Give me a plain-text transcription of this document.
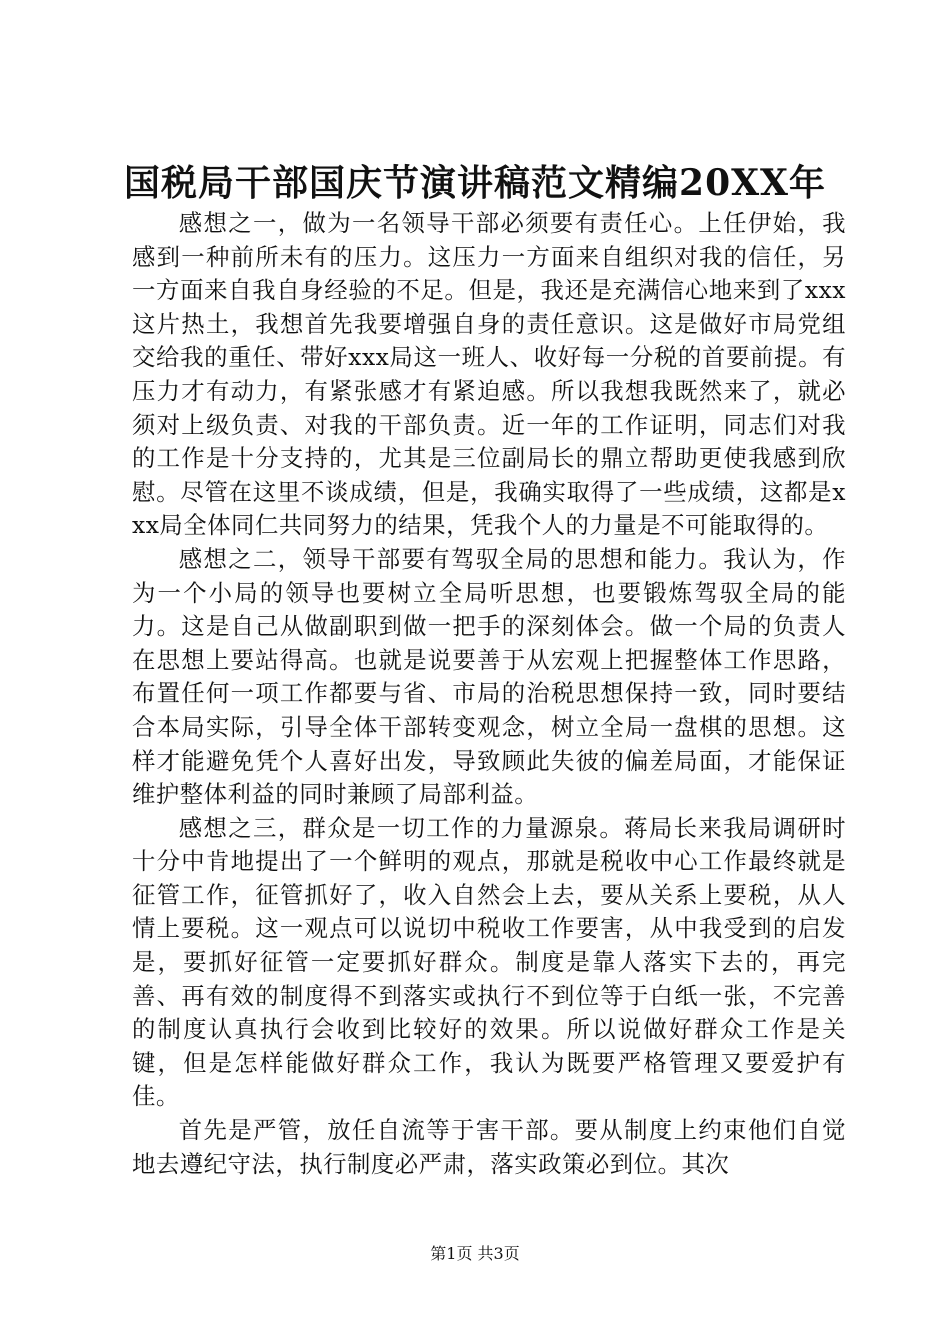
国税局干部国庆节演讲稿范文精编20XX年

感想之一，做为一名领导干部必须要有责任心。上任伊始，我感到一种前所未有的压力。这压力一方面来自组织对我的信任，另一方面来自我自身经验的不足。但是，我还是充满信心地来到了xxx这片热土，我想首先我要增强自身的责任意识。这是做好市局党组交给我的重任、带好xxx局这一班人、收好每一分税的首要前提。有压力才有动力，有紧张感才有紧迫感。所以我想我既然来了，就必须对上级负责、对我的干部负责。近一年的工作证明，同志们对我的工作是十分支持的，尤其是三位副局长的鼎立帮助更使我感到欣慰。尽管在这里不谈成绩，但是，我确实取得了一些成绩，这都是xxx局全体同仁共同努力的结果，凭我个人的力量是不可能取得的。

感想之二，领导干部要有驾驭全局的思想和能力。我认为，作为一个小局的领导也要树立全局听思想，也要锻炼驾驭全局的能力。这是自己从做副职到做一把手的深刻体会。做一个局的负责人在思想上要站得高。也就是说要善于从宏观上把握整体工作思路，布置任何一项工作都要与省、市局的治税思想保持一致，同时要结合本局实际，引导全体干部转变观念，树立全局一盘棋的思想。这样才能避免凭个人喜好出发，导致顾此失彼的偏差局面，才能保证维护整体利益的同时兼顾了局部利益。

感想之三，群众是一切工作的力量源泉。蒋局长来我局调研时十分中肯地提出了一个鲜明的观点，那就是税收中心工作最终就是征管工作，征管抓好了，收入自然会上去，要从关系上要税，从人情上要税。这一观点可以说切中税收工作要害，从中我受到的启发是，要抓好征管一定要抓好群众。制度是靠人落实下去的，再完善、再有效的制度得不到落实或执行不到位等于白纸一张，不完善的制度认真执行会收到比较好的效果。所以说做好群众工作是关键，但是怎样能做好群众工作，我认为既要严格管理又要爱护有佳。

首先是严管，放任自流等于害干部。要从制度上约束他们自觉地去遵纪守法，执行制度必严肃，落实政策必到位。其次

第1页 共3页
